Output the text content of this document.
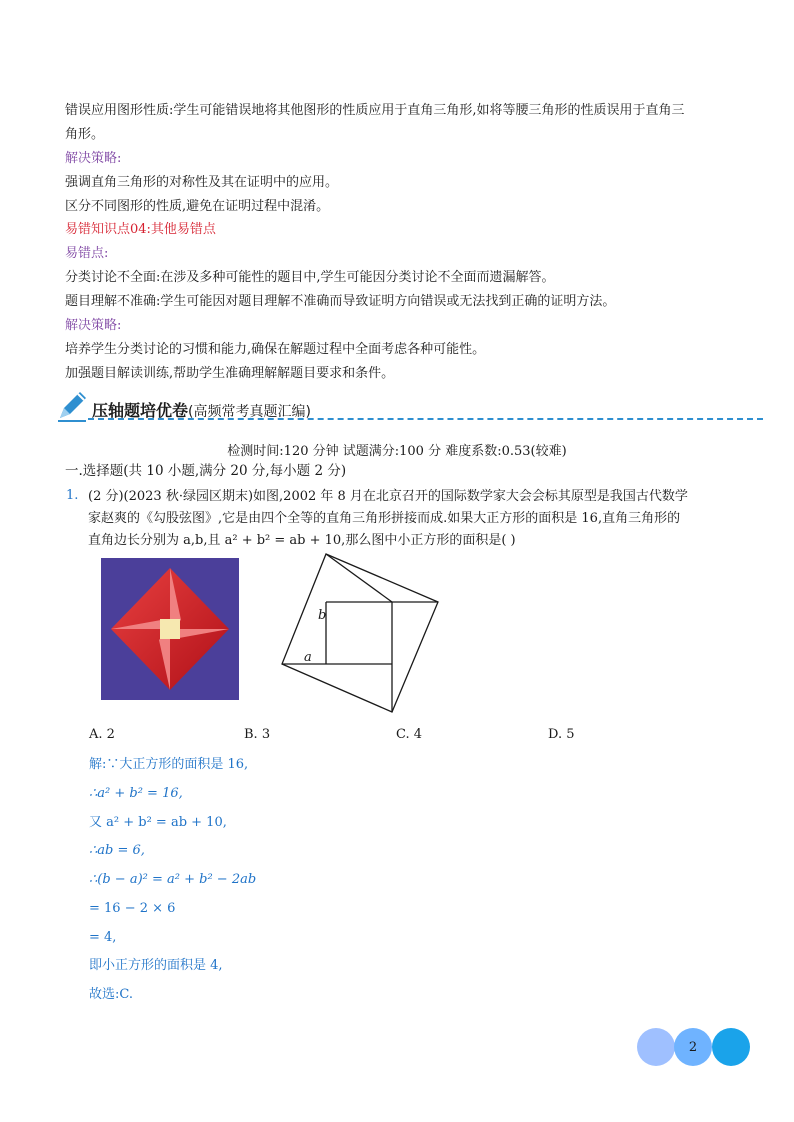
错误应用图形性质:学生可能错误地将其他图形的性质应用于直角三角形,如将等腰三角形的性质误用于直角三
角形。
解决策略:
强调直角三角形的对称性及其在证明中的应用。
区分不同图形的性质,避免在证明过程中混淆。
易错知识点04:其他易错点
易错点:
分类讨论不全面:在涉及多种可能性的题目中,学生可能因分类讨论不全面而遗漏解答。
题目理解不准确:学生可能因对题目理解不准确而导致证明方向错误或无法找到正确的证明方法。
解决策略:
培养学生分类讨论的习惯和能力,确保在解题过程中全面考虑各种可能性。
加强题目解读训练,帮助学生准确理解解题目要求和条件。
压轴题培优卷(高频常考真题汇编)
检测时间:120 分钟 试题满分:100 分 难度系数:0.53(较难)
一.选择题(共 10 小题,满分 20 分,每小题 2 分)
1. (2 分)(2023 秋·绿园区期末)如图,2002 年 8 月在北京召开的国际数学家大会会标其原型是我国古代数学
家赵爽的《勾股弦图》,它是由四个全等的直角三角形拼接而成.如果大正方形的面积是 16,直角三角形的
直角边长分别为 a,b,且 a² + b² = ab + 10,那么图中小正方形的面积是( )
b
a
A. 2	B. 3	C. 4	D. 5
解:∵大正方形的面积是 16,
∴a² + b² = 16,
又 a² + b² = ab + 10,
∴ab = 6,
∴(b − a)² = a² + b² − 2ab
= 16 − 2 × 6
= 4,
即小正方形的面积是 4,
故选:C.
2
